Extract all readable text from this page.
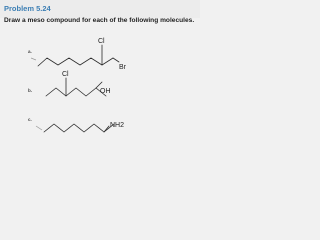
Problem 5.24
Draw a meso compound for each of the following molecules.
a.
Cl
Br
b.
Cl
OH
c.
NH2
